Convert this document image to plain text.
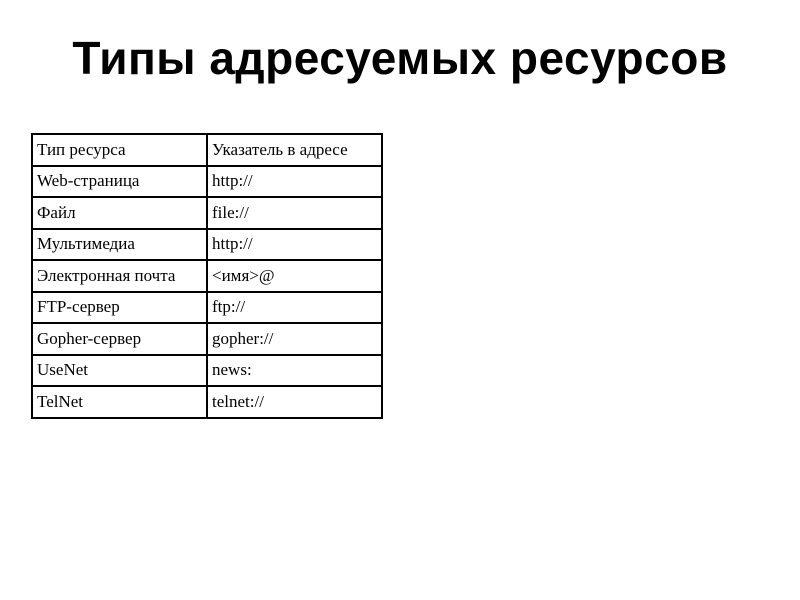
Типы адресуемых ресурсов
Тип ресурса	Указатель в адресе
Web-страница	http://
Файл	file://
Мультимедиа	http://
Электронная почта	<имя>@
FTP-сервер	ftp://
Gopher-сервер	gopher://
UseNet	news:
TelNet	telnet://
